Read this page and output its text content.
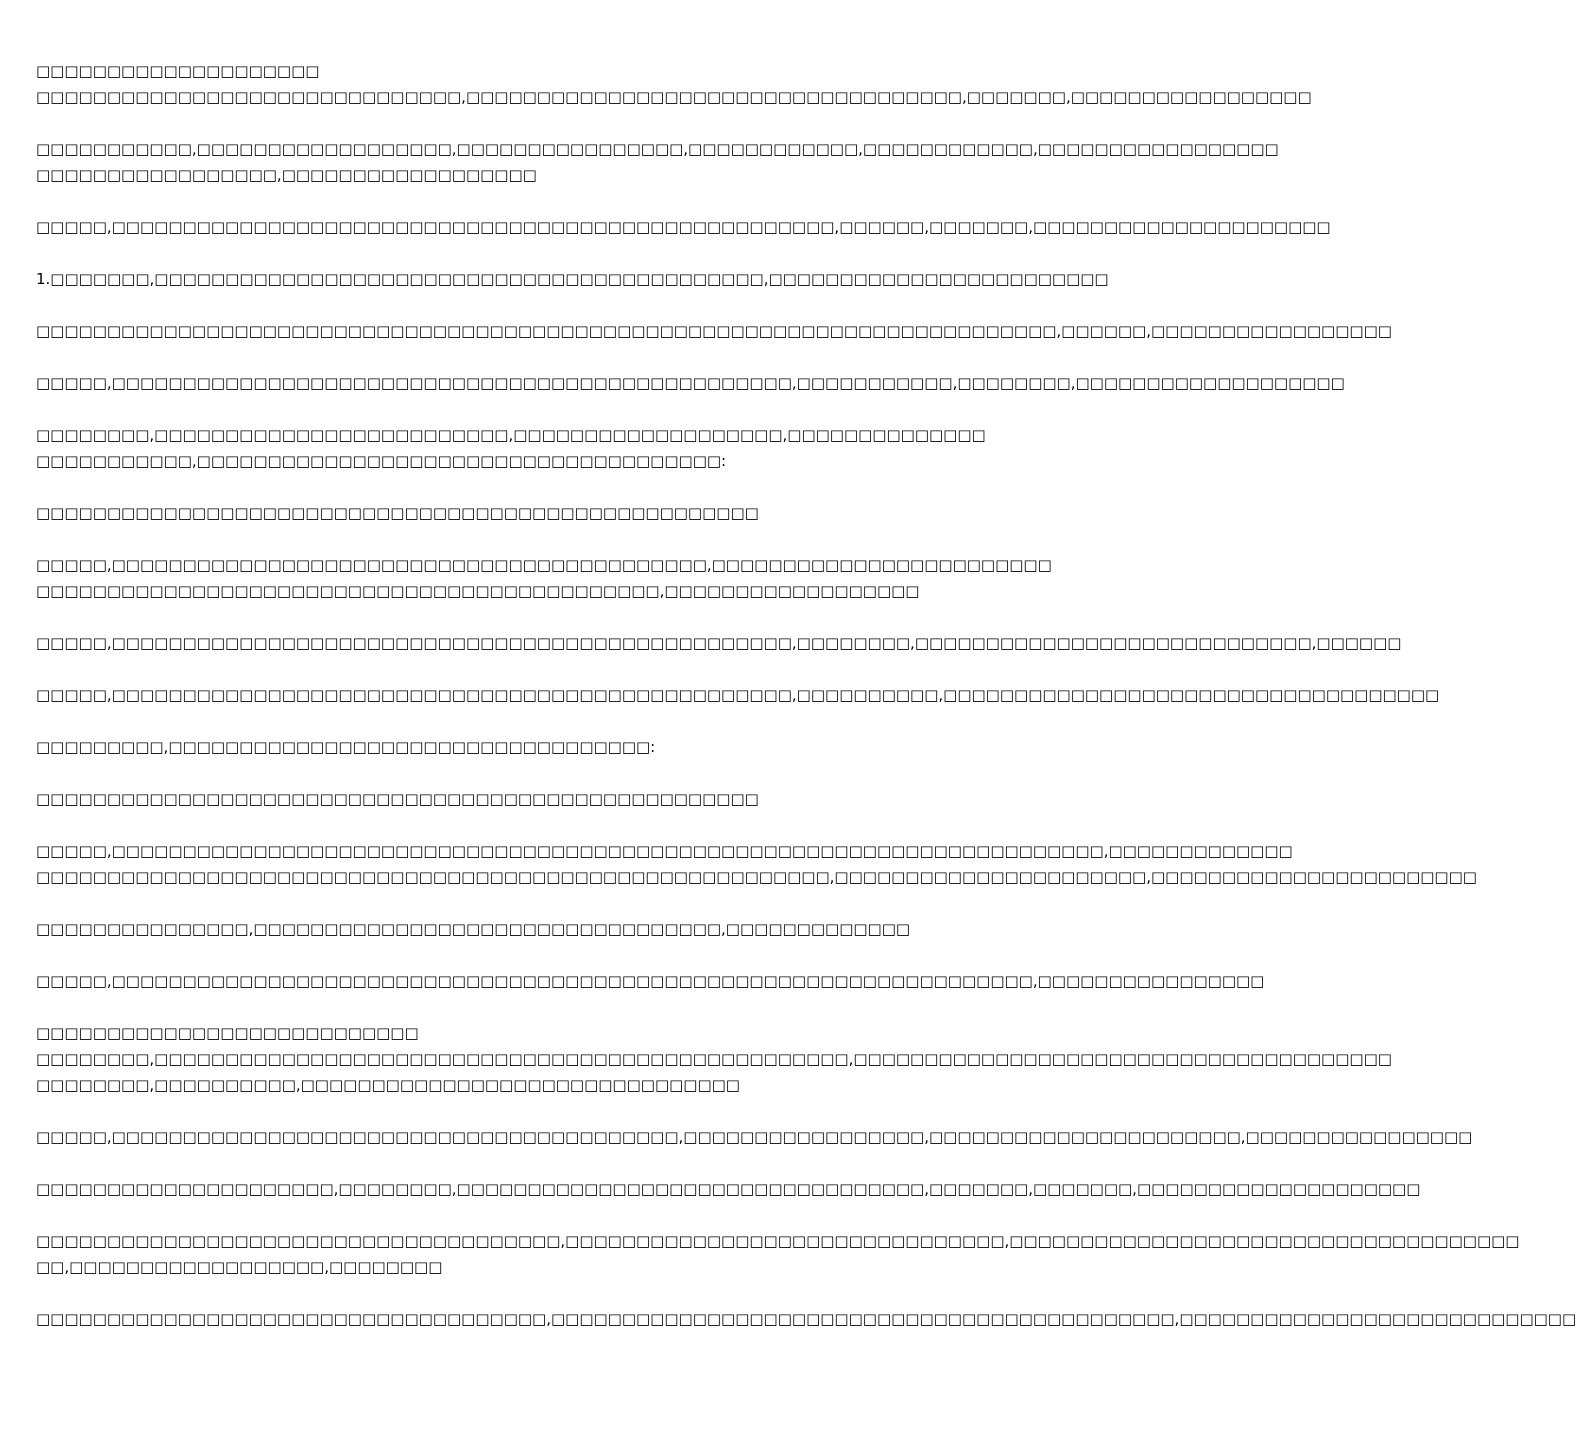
□□□□□□□□□□□□□□□□□□□□

□□□□□□□□□□□□□□□□□□□□□□□□□□□□□□,□□□□□□□□□□□□□□□□□□□□□□□□□□□□□□□□□□□,□□□□□□□,□□□□□□□□□□□□□□□□□

□□□□□□□□□□□,□□□□□□□□□□□□□□□□□□,□□□□□□□□□□□□□□□□,□□□□□□□□□□□□,□□□□□□□□□□□□,□□□□□□□□□□□□□□□□□

□□□□□□□□□□□□□□□□□,□□□□□□□□□□□□□□□□□□

□□□□□,□□□□□□□□□□□□□□□□□□□□□□□□□□□□□□□□□□□□□□□□□□□□□□□□□□□,□□□□□□,□□□□□□□,□□□□□□□□□□□□□□□□□□□□□

1.□□□□□□□,□□□□□□□□□□□□□□□□□□□□□□□□□□□□□□□□□□□□□□□□□□□,□□□□□□□□□□□□□□□□□□□□□□□□

□□□□□□□□□□□□□□□□□□□□□□□□□□□□□□□□□□□□□□□□□□□□□□□□□□□□□□□□□□□□□□□□□□□□□□□□,□□□□□□,□□□□□□□□□□□□□□□□□

□□□□□,□□□□□□□□□□□□□□□□□□□□□□□□□□□□□□□□□□□□□□□□□□□□□□□□,□□□□□□□□□□□,□□□□□□□□,□□□□□□□□□□□□□□□□□□□

□□□□□□□□,□□□□□□□□□□□□□□□□□□□□□□□□□,□□□□□□□□□□□□□□□□□□□,□□□□□□□□□□□□□□

□□□□□□□□□□□,□□□□□□□□□□□□□□□□□□□□□□□□□□□□□□□□□□□□□:

□□□□□□□□□□□□□□□□□□□□□□□□□□□□□□□□□□□□□□□□□□□□□□□□□□□

□□□□□,□□□□□□□□□□□□□□□□□□□□□□□□□□□□□□□□□□□□□□□□□□,□□□□□□□□□□□□□□□□□□□□□□□□

□□□□□□□□□□□□□□□□□□□□□□□□□□□□□□□□□□□□□□□□□□□□,□□□□□□□□□□□□□□□□□□

□□□□□,□□□□□□□□□□□□□□□□□□□□□□□□□□□□□□□□□□□□□□□□□□□□□□□□,□□□□□□□□,□□□□□□□□□□□□□□□□□□□□□□□□□□□□,□□□□□□

□□□□□,□□□□□□□□□□□□□□□□□□□□□□□□□□□□□□□□□□□□□□□□□□□□□□□□,□□□□□□□□□□,□□□□□□□□□□□□□□□□□□□□□□□□□□□□□□□□□□□

□□□□□□□□□,□□□□□□□□□□□□□□□□□□□□□□□□□□□□□□□□□□:

□□□□□□□□□□□□□□□□□□□□□□□□□□□□□□□□□□□□□□□□□□□□□□□□□□□

□□□□□,□□□□□□□□□□□□□□□□□□□□□□□□□□□□□□□□□□□□□□□□□□□□□□□□□□□□□□□□□□□□□□□□□□□□□□,□□□□□□□□□□□□□

□□□□□□□□□□□□□□□□□□□□□□□□□□□□□□□□□□□□□□□□□□□□□□□□□□□□□□□□,□□□□□□□□□□□□□□□□□□□□□□,□□□□□□□□□□□□□□□□□□□□□□□

□□□□□□□□□□□□□□□,□□□□□□□□□□□□□□□□□□□□□□□□□□□□□□□□□,□□□□□□□□□□□□□

□□□□□,□□□□□□□□□□□□□□□□□□□□□□□□□□□□□□□□□□□□□□□□□□□□□□□□□□□□□□□□□□□□□□□□□,□□□□□□□□□□□□□□□□

□□□□□□□□□□□□□□□□□□□□□□□□□□□

□□□□□□□□,□□□□□□□□□□□□□□□□□□□□□□□□□□□□□□□□□□□□□□□□□□□□□□□□□,□□□□□□□□□□□□□□□□□□□□□□□□□□□□□□□□□□□□□□

□□□□□□□□,□□□□□□□□□□,□□□□□□□□□□□□□□□□□□□□□□□□□□□□□□□

□□□□□,□□□□□□□□□□□□□□□□□□□□□□□□□□□□□□□□□□□□□□□□,□□□□□□□□□□□□□□□□□,□□□□□□□□□□□□□□□□□□□□□□,□□□□□□□□□□□□□□□□

□□□□□□□□□□□□□□□□□□□□□,□□□□□□□□,□□□□□□□□□□□□□□□□□□□□□□□□□□□□□□□□□,□□□□□□□,□□□□□□□,□□□□□□□□□□□□□□□□□□□□

□□□□□□□□□□□□□□□□□□□□□□□□□□□□□□□□□□□□□,□□□□□□□□□□□□□□□□□□□□□□□□□□□□□□□,□□□□□□□□□□□□□□□□□□□□□□□□□□□□□□□□□□□□

□□,□□□□□□□□□□□□□□□□□□,□□□□□□□□

□□□□□□□□□□□□□□□□□□□□□□□□□□□□□□□□□□□□,□□□□□□□□□□□□□□□□□□□□□□□□□□□□□□□□□□□□□□□□□□□□,□□□□□□□□□□□□□□□□□□□□□□□□□□□□
